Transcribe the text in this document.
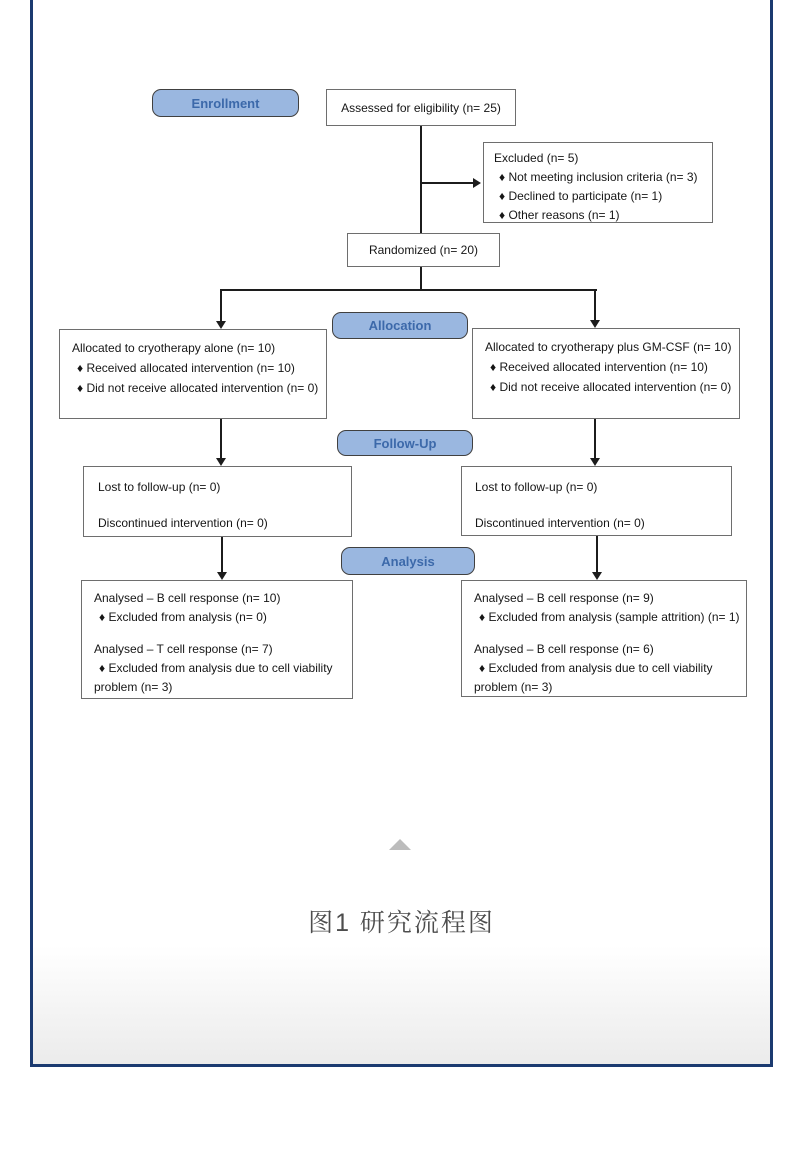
Enrollment	Assessed for eligibility (n= 25)
Excluded (n= 5)
♦ Not meeting inclusion criteria (n= 3)
♦ Declined to participate (n= 1)
♦ Other reasons (n= 1)
Randomized (n= 20)
Allocation
Allocated to cryotherapy alone (n= 10)
♦ Received allocated intervention (n= 10)
♦ Did not receive allocated intervention (n= 0)
Allocated to cryotherapy plus GM-CSF (n= 10)
♦ Received allocated intervention (n= 10)
♦ Did not receive allocated intervention (n= 0)
Follow-Up
Lost to follow-up (n= 0)
Discontinued intervention (n= 0)
Lost to follow-up (n= 0)
Discontinued intervention (n= 0)
Analysis
Analysed – B cell response (n= 10)
♦ Excluded from analysis (n= 0)
Analysed – T cell response (n= 7)
♦ Excluded from analysis due to cell viability
problem (n= 3)
Analysed – B cell response (n= 9)
♦ Excluded from analysis (sample attrition) (n= 1)
Analysed – B cell response (n= 6)
♦ Excluded from analysis due to cell viability
problem (n= 3)
图1 研究流程图
